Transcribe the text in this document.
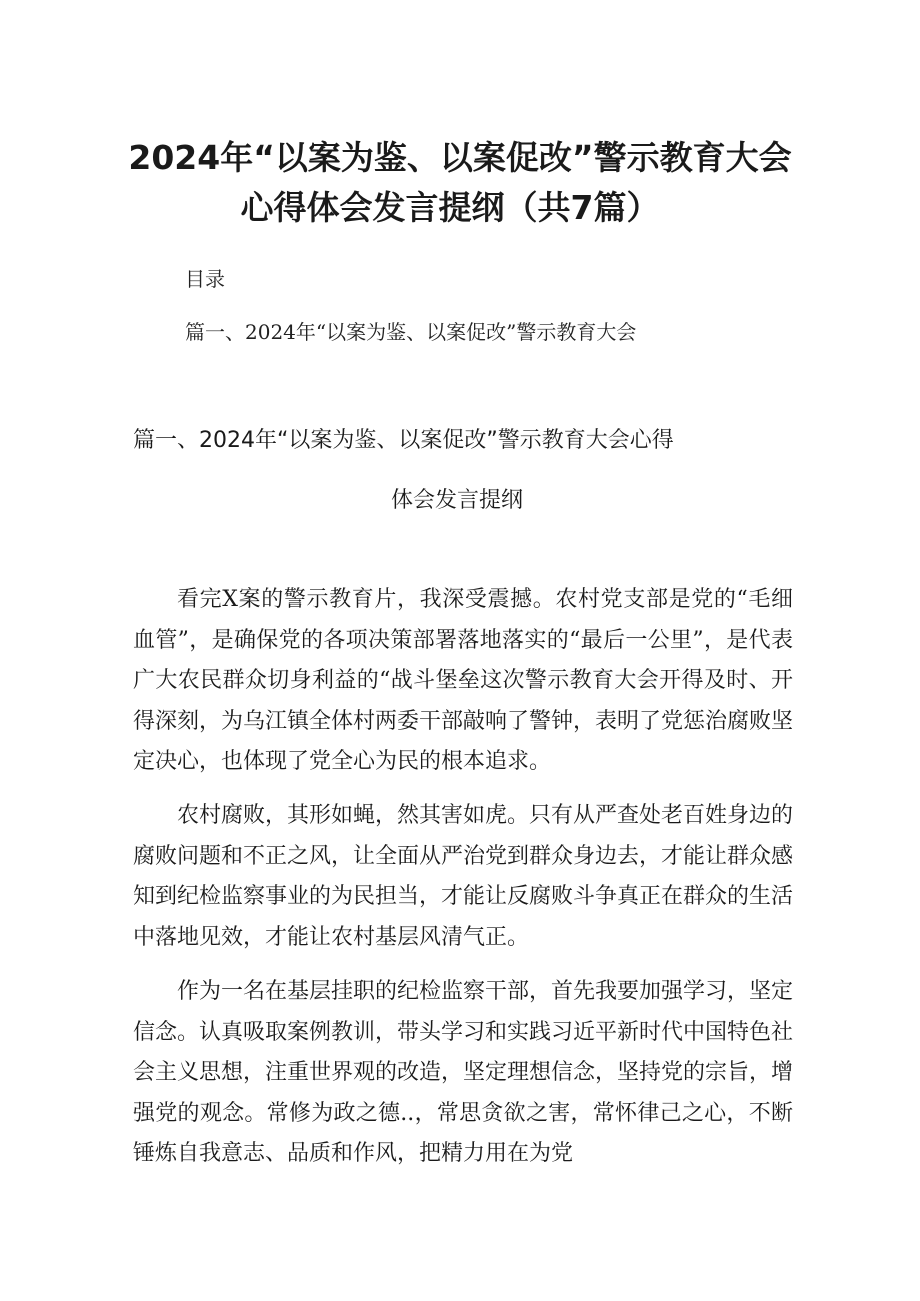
2024年“以案为鉴、以案促改”警示教育大会
心得体会发言提纲（共7篇）
目录
篇一、2024年“以案为鉴、以案促改”警示教育大会
篇一、2024年“以案为鉴、以案促改”警示教育大会心得
体会发言提纲

看完X案的警示教育片，我深受震撼。农村党支部是党的“毛细血管”，是确保党的各项决策部署落地落实的“最后一公里”，是代表广大农民群众切身利益的“战斗堡垒这次警示教育大会开得及时、开得深刻，为乌江镇全体村两委干部敲响了警钟，表明了党惩治腐败坚定决心，也体现了党全心为民的根本追求。

农村腐败，其形如蝇，然其害如虎。只有从严查处老百姓身边的腐败问题和不正之风，让全面从严治党到群众身边去，才能让群众感知到纪检监察事业的为民担当，才能让反腐败斗争真正在群众的生活中落地见效，才能让农村基层风清气正。

作为一名在基层挂职的纪检监察干部，首先我要加强学习，坚定信念。认真吸取案例教训，带头学习和实践习近平新时代中国特色社会主义思想，注重世界观的改造，坚定理想信念，坚持党的宗旨，增强党的观念。常修为政之德..，常思贪欲之害，常怀律己之心，不断锤炼自我意志、品质和作风，把精力用在为党
